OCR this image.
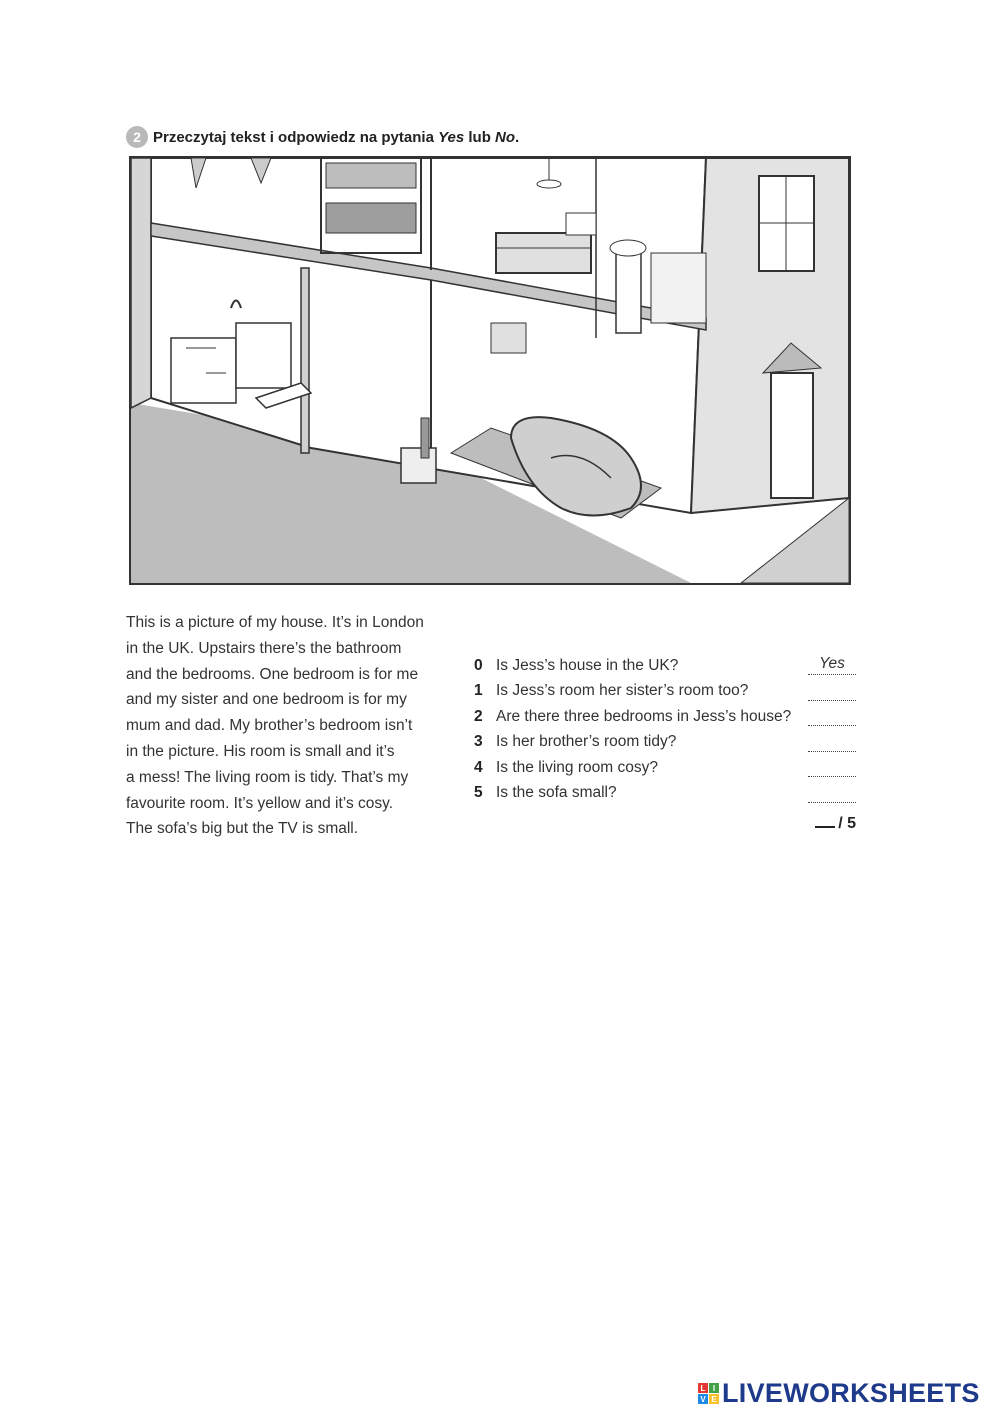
2 Przeczytaj tekst i odpowiedz na pytania Yes lub No.
This is a picture of my house. It’s in London
in the UK. Upstairs there’s the bathroom
and the bedrooms. One bedroom is for me
and my sister and one bedroom is for my
mum and dad. My brother’s bedroom isn’t
in the picture. His room is small and it’s
a mess! The living room is tidy. That’s my
favourite room. It’s yellow and it’s cosy.
The sofa’s big but the TV is small.
0 Is Jess’s house in the UK?	Yes
1 Is Jess’s room her sister’s room too?
2 Are there three bedrooms in Jess’s house?
3 Is her brother’s room tidy?
4 Is the living room cosy?
5 Is the sofa small?
/ 5
L I
V E LIVEWORKSHEETS
